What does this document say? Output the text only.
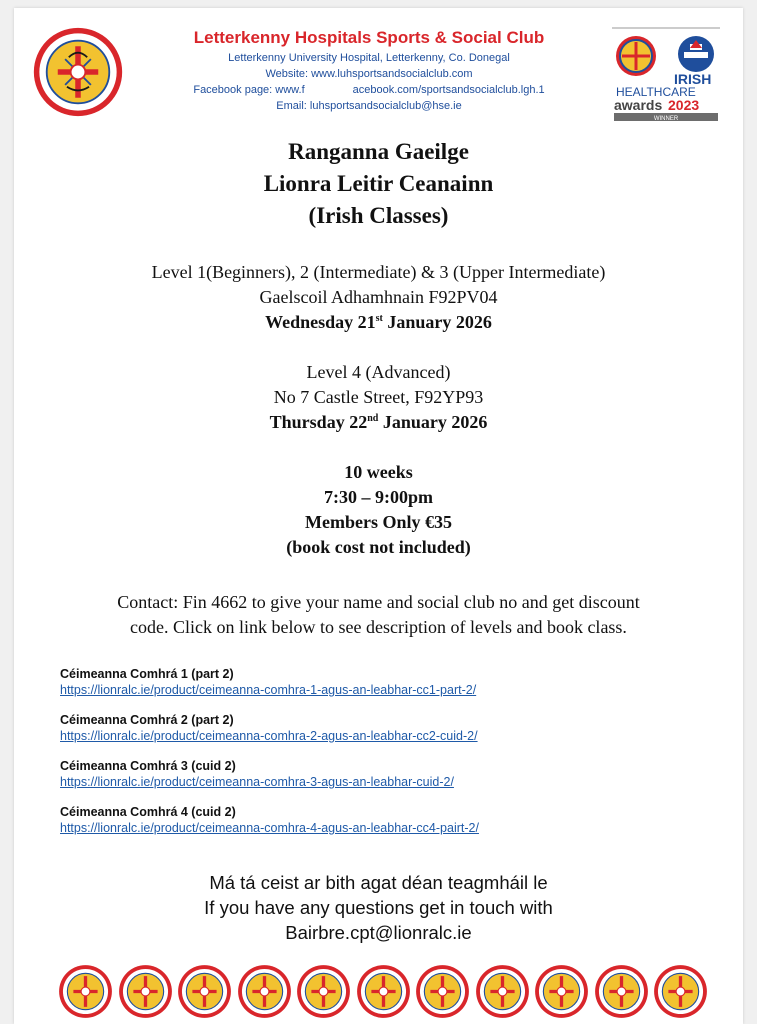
Letterkenny Hospitals Sports & Social Club
Letterkenny University Hospital, Letterkenny, Co. Donegal
Website: www.luhsportsandsocialclub.com
Facebook page: www.f	acebook.com/sportsandsocialclub.lgh.1
Email: luhsportsandsocialclub@hse.ie
IRISH
HEALTHCARE
awards 2023
WINNER
Ranganna Gaeilge
Lionra Leitir Ceanainn
(Irish Classes)
Level 1(Beginners), 2 (Intermediate) & 3 (Upper Intermediate)
Gaelscoil Adhamhnain F92PV04
Wednesday 21st January 2026
Level 4 (Advanced)
No 7 Castle Street, F92YP93
Thursday 22nd January 2026
10 weeks
7:30 – 9:00pm
Members Only €35
(book cost not included)
Contact: Fin 4662 to give your name and social club no and get discount
code. Click on link below to see description of levels and book class.
Céimeanna Comhrá 1 (part 2)
https://lionralc.ie/product/ceimeanna-comhra-1-agus-an-leabhar-cc1-part-2/
Céimeanna Comhrá 2 (part 2)
https://lionralc.ie/product/ceimeanna-comhra-2-agus-an-leabhar-cc2-cuid-2/
Céimeanna Comhrá 3 (cuid 2)
https://lionralc.ie/product/ceimeanna-comhra-3-agus-an-leabhar-cuid-2/
Céimeanna Comhrá 4 (cuid 2)
https://lionralc.ie/product/ceimeanna-comhra-4-agus-an-leabhar-cc4-pairt-2/
Má tá ceist ar bith agat déan teagmháil le
If you have any questions get in touch with
Bairbre.cpt@lionralc.ie
